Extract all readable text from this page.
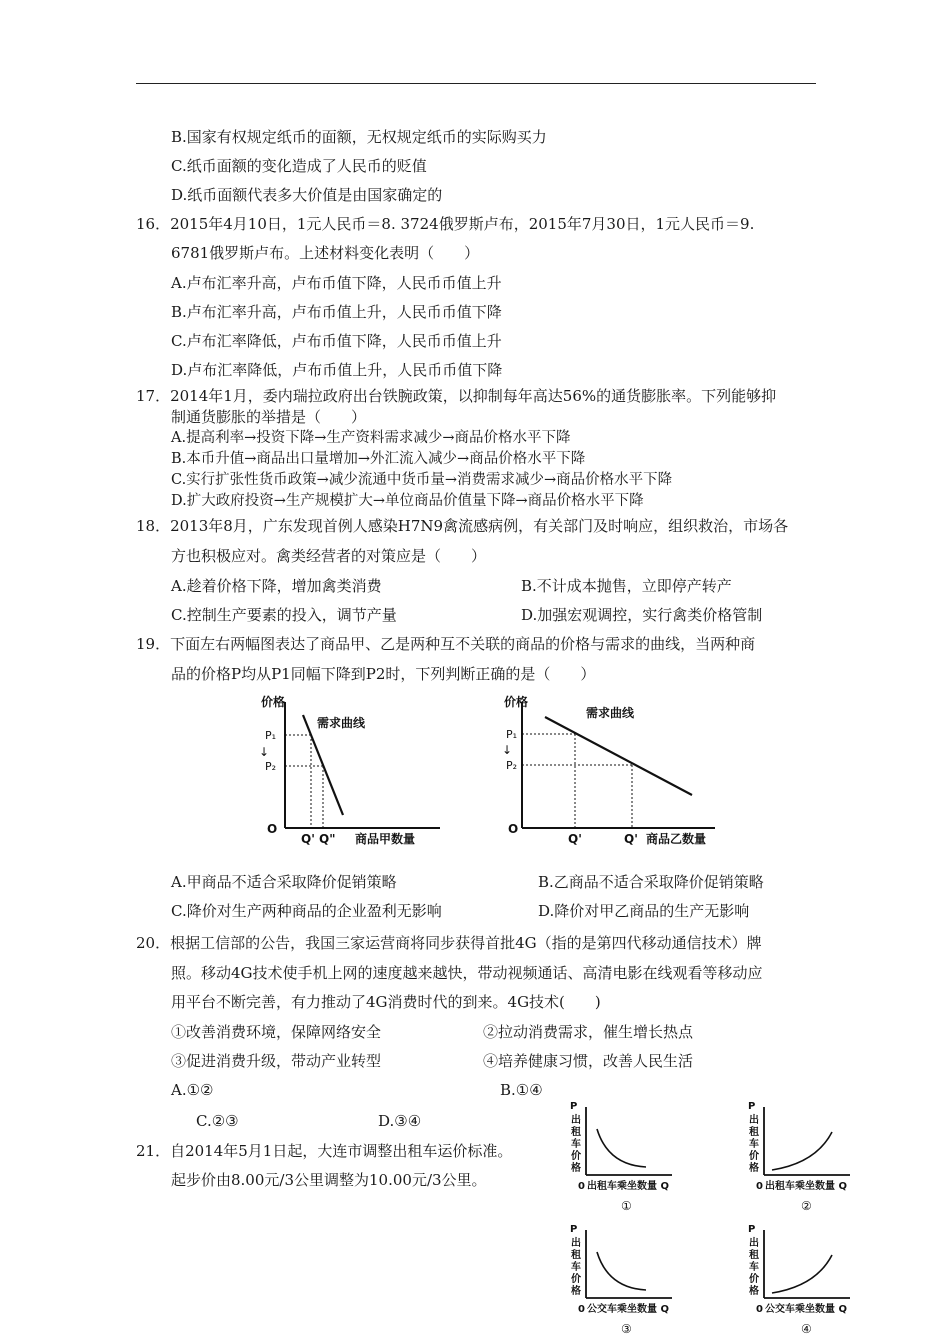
B.国家有权规定纸币的面额，无权规定纸币的实际购买力
C.纸币面额的变化造成了人民币的贬值
D.纸币面额代表多大价值是由国家确定的
16．2015年4月10日，1元人民币＝8. 3724俄罗斯卢布，2015年7月30日，1元人民币＝9.
6781俄罗斯卢布。上述材料变化表明（　　）
A.卢布汇率升高，卢布币值下降，人民币币值上升
B.卢布汇率升高，卢布币值上升，人民币币值下降
C.卢布汇率降低，卢布币值下降，人民币币值上升
D.卢布汇率降低，卢布币值上升，人民币币值下降
17．2014年1月，委内瑞拉政府出台铁腕政策，以抑制每年高达56%的通货膨胀率。下列能够抑
制通货膨胀的举措是（　　）
A.提高利率→投资下降→生产资料需求减少→商品价格水平下降
B.本币升值→商品出口量增加→外汇流入减少→商品价格水平下降
C.实行扩张性货币政策→减少流通中货币量→消费需求减少→商品价格水平下降
D.扩大政府投资→生产规模扩大→单位商品价值量下降→商品价格水平下降
18．2013年8月，广东发现首例人感染H7N9禽流感病例，有关部门及时响应，组织救治，市场各
方也积极应对。禽类经营者的对策应是（　　）
A.趁着价格下降，增加禽类消费	B.不计成本抛售，立即停产转产
C.控制生产要素的投入，调节产量	D.加强宏观调控，实行禽类价格管制
19．下面左右两幅图表达了商品甲、乙是两种互不关联的商品的价格与需求的曲线，当两种商
品的价格P均从P1同幅下降到P2时，下列判断正确的是（　　）
价格
需求曲线
P₁
↓
P₂
O
Q' Q" 商品甲数量
价格
需求曲线
P₁
↓
P₂
O
Q'	Q' 商品乙数量
A.甲商品不适合采取降价促销策略	B.乙商品不适合采取降价促销策略
C.降价对生产两种商品的企业盈利无影响	D.降价对甲乙商品的生产无影响
20．根据工信部的公告，我国三家运营商将同步获得首批4G（指的是第四代移动通信技术）牌
照。移动4G技术使手机上网的速度越来越快，带动视频通话、高清电影在线观看等移动应
用平台不断完善，有力推动了4G消费时代的到来。4G技术(　　)
①改善消费环境，保障网络安全	②拉动消费需求，催生增长热点
③促进消费升级，带动产业转型	④培养健康习惯，改善人民生活
A.①②	B.①④
C.②③	D.③④
21．自2014年5月1日起，大连市调整出租车运价标准。
起步价由8.00元/3公里调整为10.00元/3公里。
P
出
租
车
价
格
0 出租车乘坐数量 Q
①
P
出
租
车
价
格
0 出租车乘坐数量 Q
②
P
出
租
车
价
格
0 公交车乘坐数量 Q
③
P
出
租
车
价
格
0 公交车乘坐数量 Q
④
